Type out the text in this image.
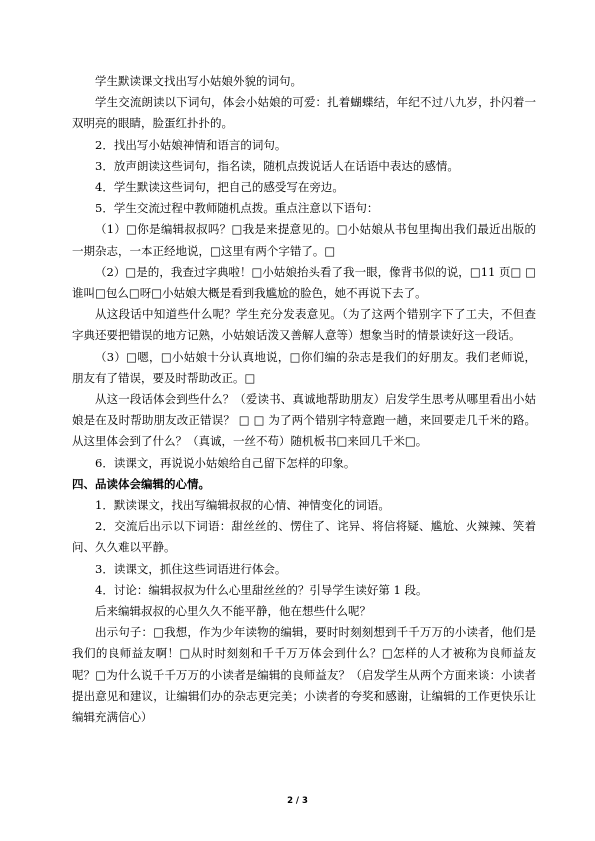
学生默读课文找出写小姑娘外貌的词句。

学生交流朗读以下词句，体会小姑娘的可爱：扎着蝴蝶结，年纪不过八九岁，扑闪着一双明亮的眼睛，脸蛋红扑扑的。

2．找出写小姑娘神情和语言的词句。

3．放声朗读这些词句，指名读，随机点拨说话人在话语中表达的感情。

4．学生默读这些词句，把自己的感受写在旁边。

5．学生交流过程中教师随机点拨。重点注意以下语句：

（1）□你是编辑叔叔吗？□我是来提意见的。□小姑娘从书包里掏出我们最近出版的一期杂志，一本正经地说，□这里有两个字错了。□

（2）□是的，我查过字典啦！□小姑娘抬头看了我一眼，像背书似的说，□11 页□ □ 谁叫□包么□呀□小姑娘大概是看到我尴尬的脸色，她不再说下去了。

从这段话中知道些什么呢？学生充分发表意见。（为了这两个错别字下了工夫，不但查字典还要把错误的地方记熟，小姑娘话泼又善解人意等）想象当时的情景读好这一段话。

（3）□嗯，□小姑娘十分认真地说，□你们编的杂志是我们的好朋友。我们老师说，朋友有了错误，要及时帮助改正。□

从这一段话体会到些什么？（爱读书、真诚地帮助朋友）启发学生思考从哪里看出小姑娘是在及时帮助朋友改正错误？ □ □ 为了两个错别字特意跑一趟，来回要走几千米的路。从这里体会到了什么？（真诚，一丝不苟）随机板书□来回几千米□。

6．读课文，再说说小姑娘给自己留下怎样的印象。

四、品读体会编辑的心情。

1．默读课文，找出写编辑叔叔的心情、神情变化的词语。

2．交流后出示以下词语：甜丝丝的、愣住了、诧异、将信将疑、尴尬、火辣辣、笑着问、久久难以平静。

3．读课文，抓住这些词语进行体会。

4．讨论：编辑叔叔为什么心里甜丝丝的？引导学生读好第 1 段。

后来编辑叔叔的心里久久不能平静，他在想些什么呢？

出示句子：□我想，作为少年读物的编辑，要时时刻刻想到千千万万的小读者，他们是我们的良师益友啊！□从时时刻刻和千千万万体会到什么？□怎样的人才被称为良师益友呢？□为什么说千千万万的小读者是编辑的良师益友？（启发学生从两个方面来谈：小读者提出意见和建议，让编辑们办的杂志更完美；小读者的夸奖和感谢，让编辑的工作更快乐让编辑充满信心）

2 / 3
